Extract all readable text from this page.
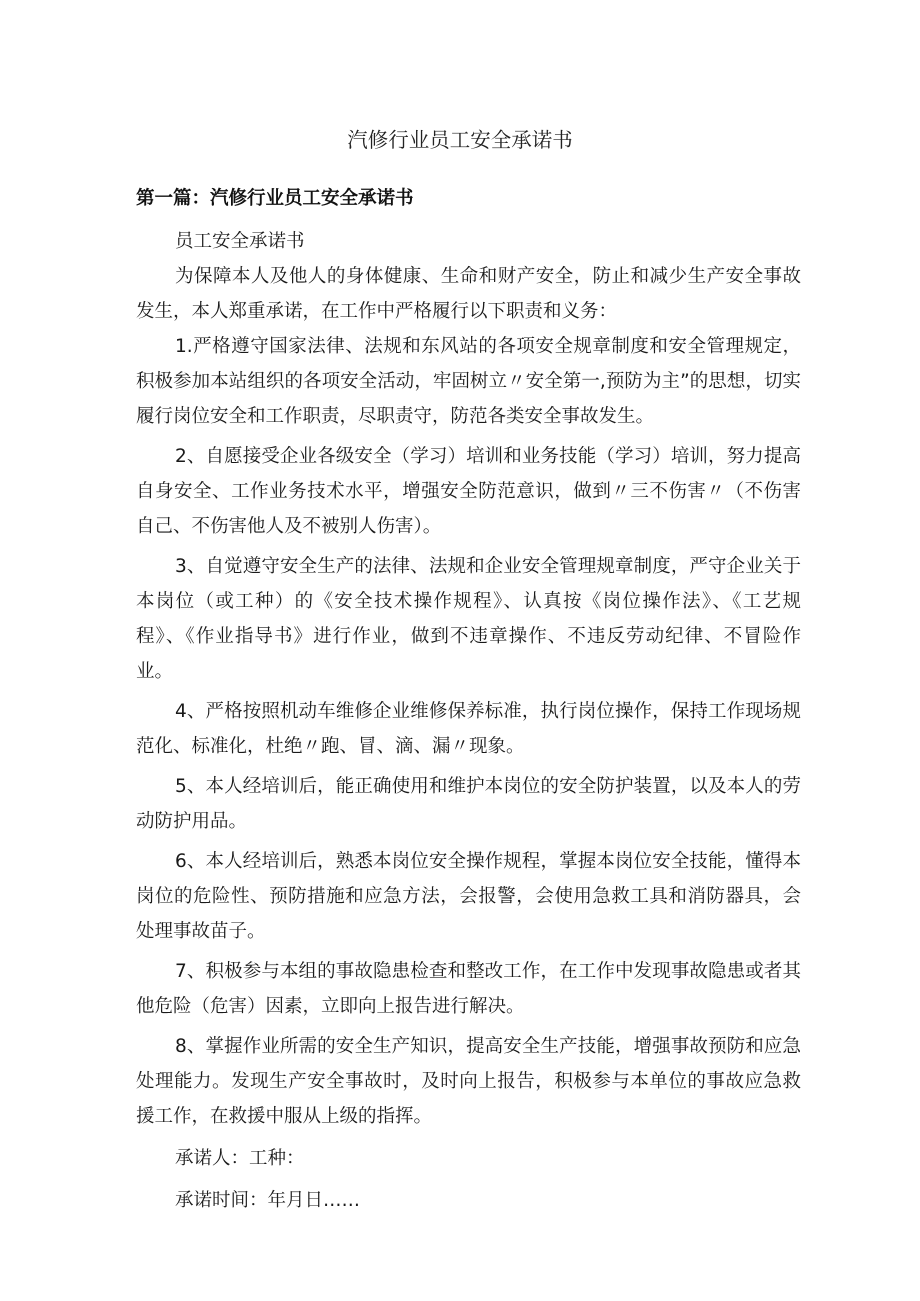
汽修行业员工安全承诺书
第一篇：汽修行业员工安全承诺书

员工安全承诺书

为保障本人及他人的身体健康、生命和财产安全，防止和减少生产安全事故发生，本人郑重承诺，在工作中严格履行以下职责和义务：

1.严格遵守国家法律、法规和东风站的各项安全规章制度和安全管理规定，积极参加本站组织的各项安全活动，牢固树立〃安全第一,预防为主”的思想，切实履行岗位安全和工作职责，尽职责守，防范各类安全事故发生。

2、自愿接受企业各级安全（学习）培训和业务技能（学习）培训，努力提高自身安全、工作业务技术水平，增强安全防范意识，做到〃三不伤害〃（不伤害自己、不伤害他人及不被别人伤害）。

3、自觉遵守安全生产的法律、法规和企业安全管理规章制度，严守企业关于本岗位（或工种）的《安全技术操作规程》、认真按《岗位操作法》、《工艺规程》、《作业指导书》进行作业，做到不违章操作、不违反劳动纪律、不冒险作业。

4、严格按照机动车维修企业维修保养标准，执行岗位操作，保持工作现场规范化、标准化，杜绝〃跑、冒、滴、漏〃现象。

5、本人经培训后，能正确使用和维护本岗位的安全防护装置，以及本人的劳动防护用品。

6、本人经培训后，熟悉本岗位安全操作规程，掌握本岗位安全技能，懂得本岗位的危险性、预防措施和应急方法，会报警，会使用急救工具和消防器具，会处理事故苗子。

7、积极参与本组的事故隐患检查和整改工作，在工作中发现事故隐患或者其他危险（危害）因素，立即向上报告进行解决。

8、掌握作业所需的安全生产知识，提高安全生产技能，增强事故预防和应急处理能力。发现生产安全事故时，及时向上报告，积极参与本单位的事故应急救援工作，在救援中服从上级的指挥。

承诺人：工种：

承诺时间：年月日……
